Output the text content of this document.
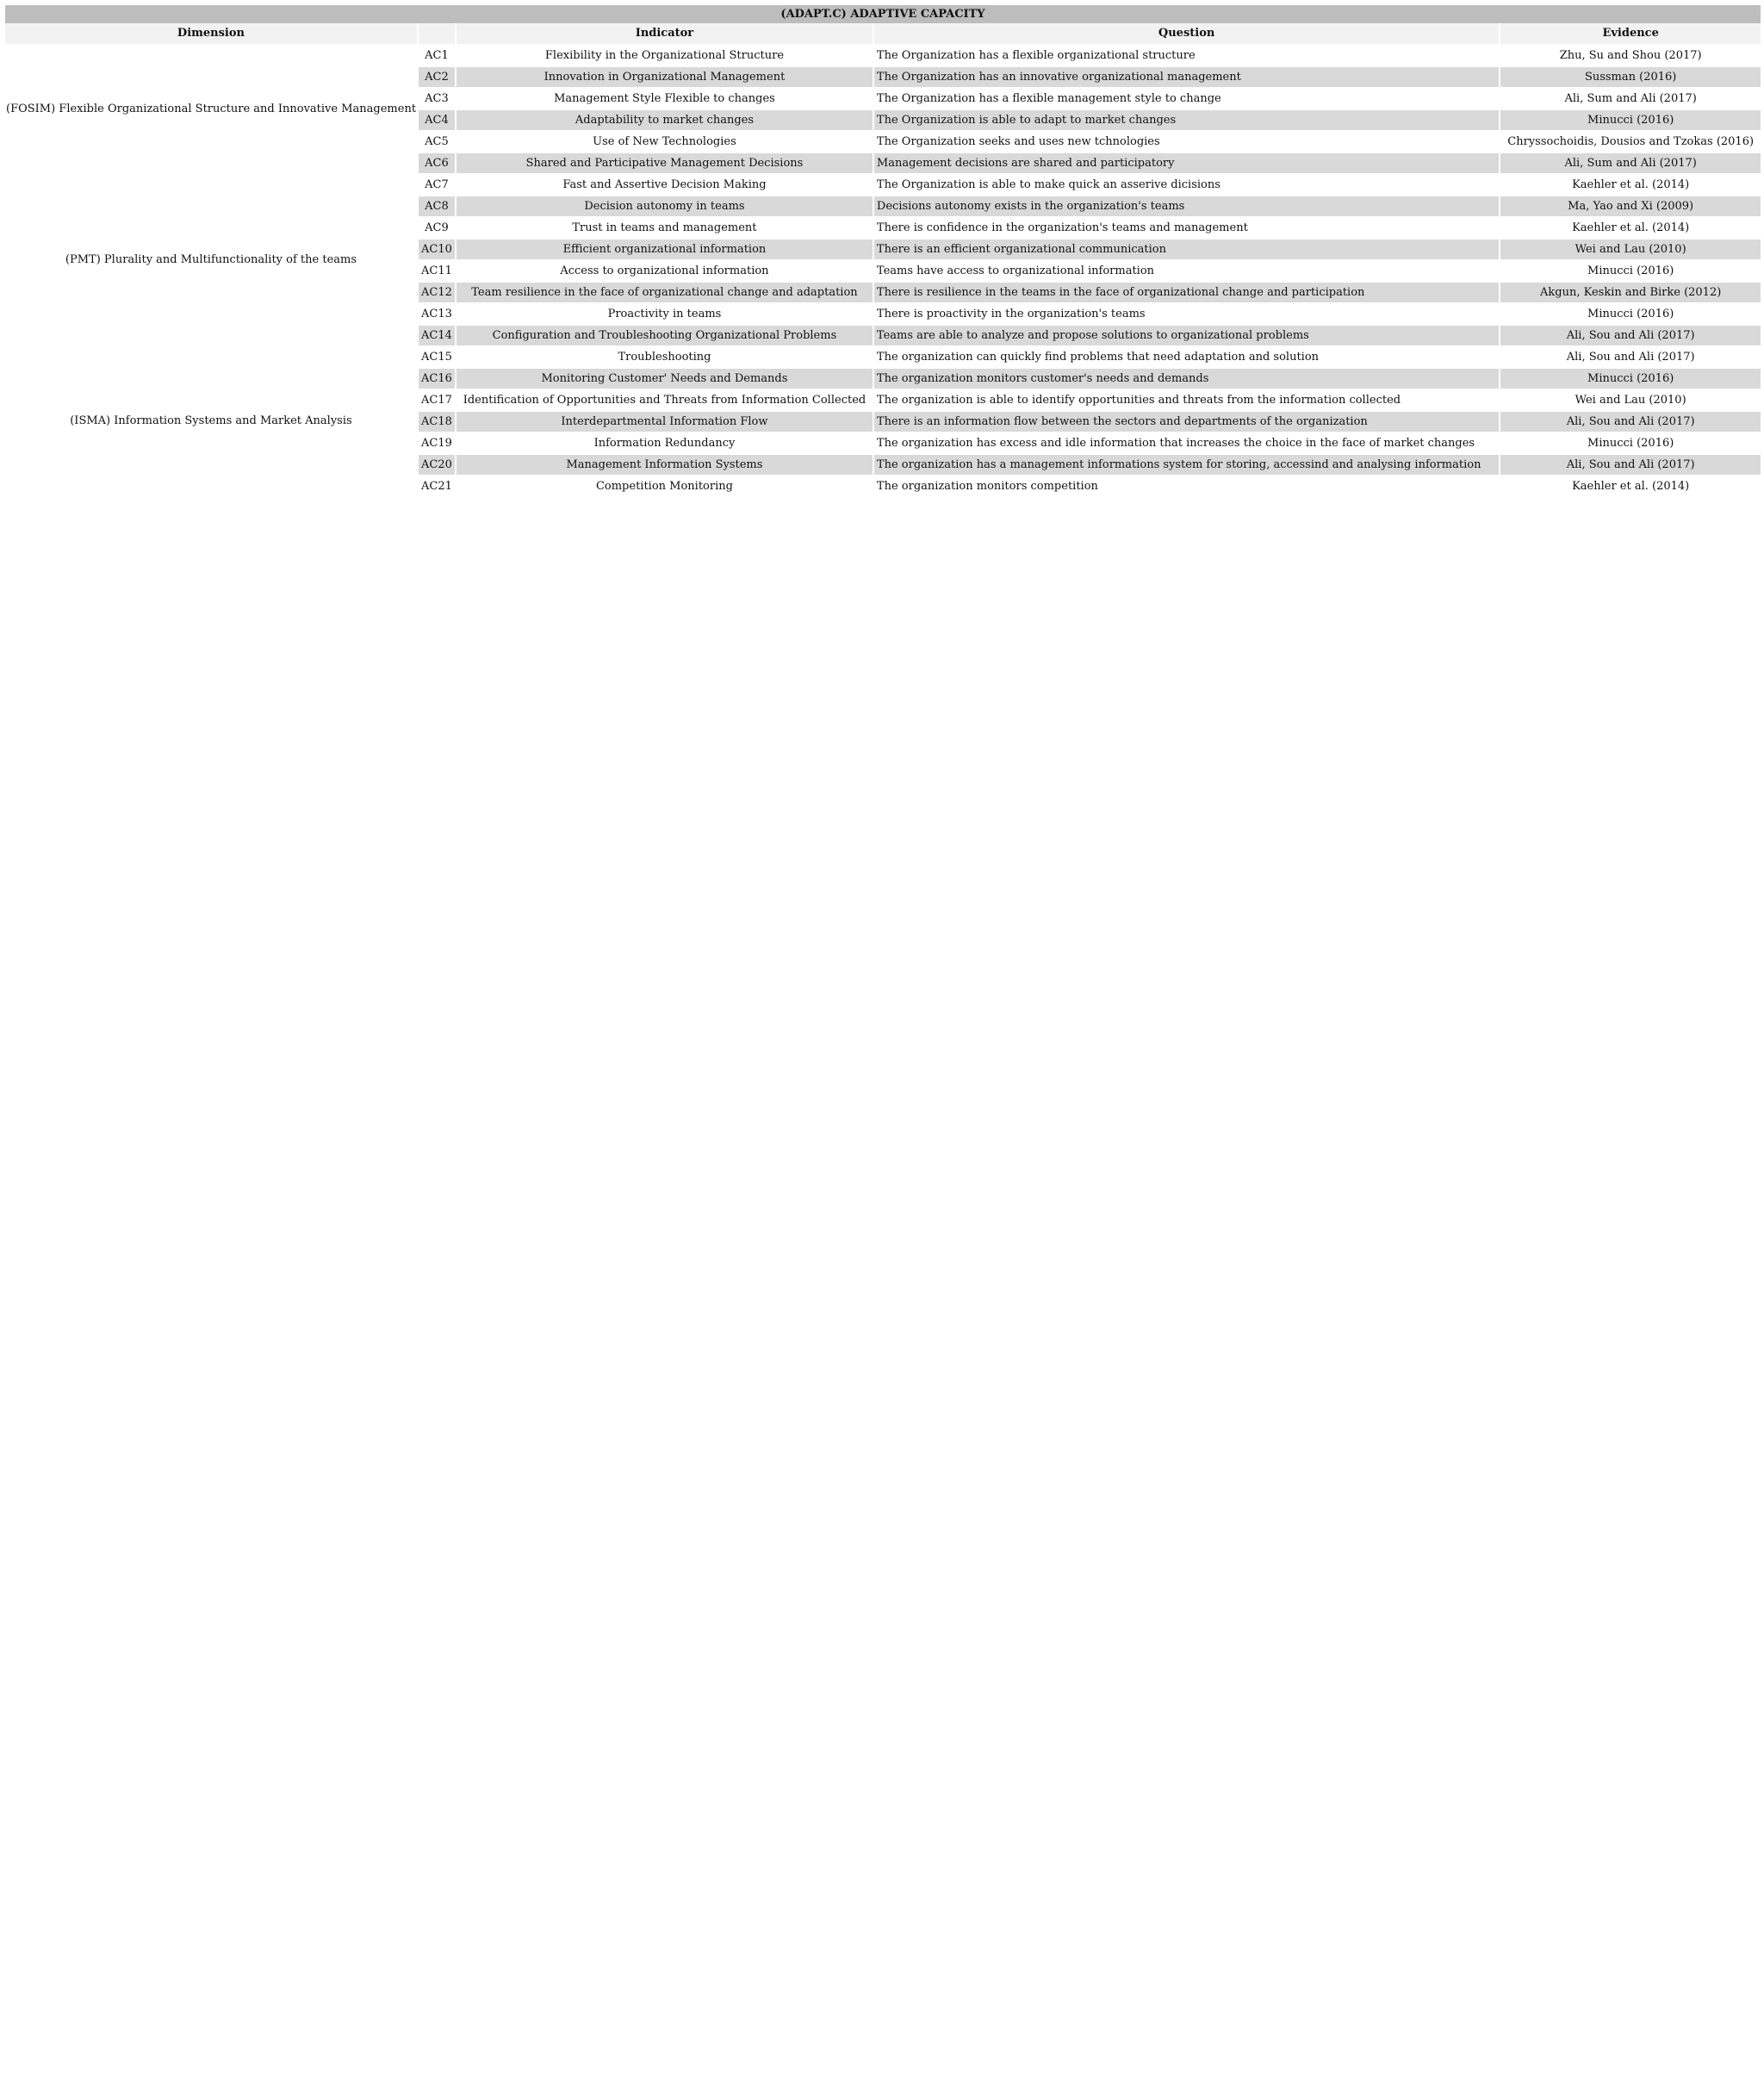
(ADAPT.C) ADAPTIVE CAPACITY				
Dimension		Indicator	Question	Evidence
(FOSIM) Flexible Organizational Structure and Innovative Management	AC1	Flexibility in the Organizational Structure	The Organization has a flexible organizational structure	Zhu, Su and Shou (2017)
	AC2	Innovation in Organizational Management	The Organization has an innovative organizational management	Sussman (2016)
	AC3	Management Style Flexible to changes	The Organization has a flexible management style to change	Ali, Sum and Ali (2017)
	AC4	Adaptability to market changes	The Organization is able to adapt to market changes	Minucci (2016)
	AC5	Use of New Technologies	The Organization seeks and uses new tchnologies	Chryssochoidis, Dousios and Tzokas (2016)
	AC6	Shared and Participative Management Decisions	Management decisions are shared and participatory	Ali, Sum and Ali (2017)
(PMT) Plurality and Multifunctionality of the teams	AC7	Fast and Assertive Decision Making	The Organization is able to make quick an asserive dicisions	Kaehler et al. (2014)
	AC8	Decision autonomy in teams	Decisions autonomy exists in the organization's teams	Ma, Yao and Xi (2009)
	AC9	Trust in teams and management	There is confidence in the organization's teams and management	Kaehler et al. (2014)
	AC10	Efficient organizational information	There is an efficient organizational communication	Wei and Lau (2010)
	AC11	Access to organizational information	Teams have access to organizational information	Minucci (2016)
	AC12	Team resilience in the face of organizational change and adaptation	There is resilience in the teams in the face of organizational change and participation	Akgun, Keskin and Birke (2012)
	AC13	Proactivity in teams	There is proactivity in the organization's teams	Minucci (2016)
	AC14	Configuration and Troubleshooting Organizational Problems	Teams are able to analyze and propose solutions to organizational problems	Ali, Sou and Ali (2017)
(ISMA) Information Systems and Market Analysis	AC15	Troubleshooting	The organization can quickly find problems that need adaptation and solution	Ali, Sou and Ali (2017)
	AC16	Monitoring Customer' Needs and Demands	The organization monitors customer's needs and demands	Minucci (2016)
	AC17	Identification of Opportunities and Threats from Information Collected	The organization is able to identify opportunities and threats from the information collected	Wei and Lau (2010)
	AC18	Interdepartmental Information Flow	There is an information flow between the sectors and departments of the organization	Ali, Sou and Ali (2017)
	AC19	Information Redundancy	The organization has excess and idle information that increases the choice in the face of market changes	Minucci (2016)
	AC20	Management Information Systems	The organization has a management informations system for storing, accessind and analysing information	Ali, Sou and Ali (2017)
	AC21	Competition Monitoring	The organization monitors competition	Kaehler et al. (2014)
